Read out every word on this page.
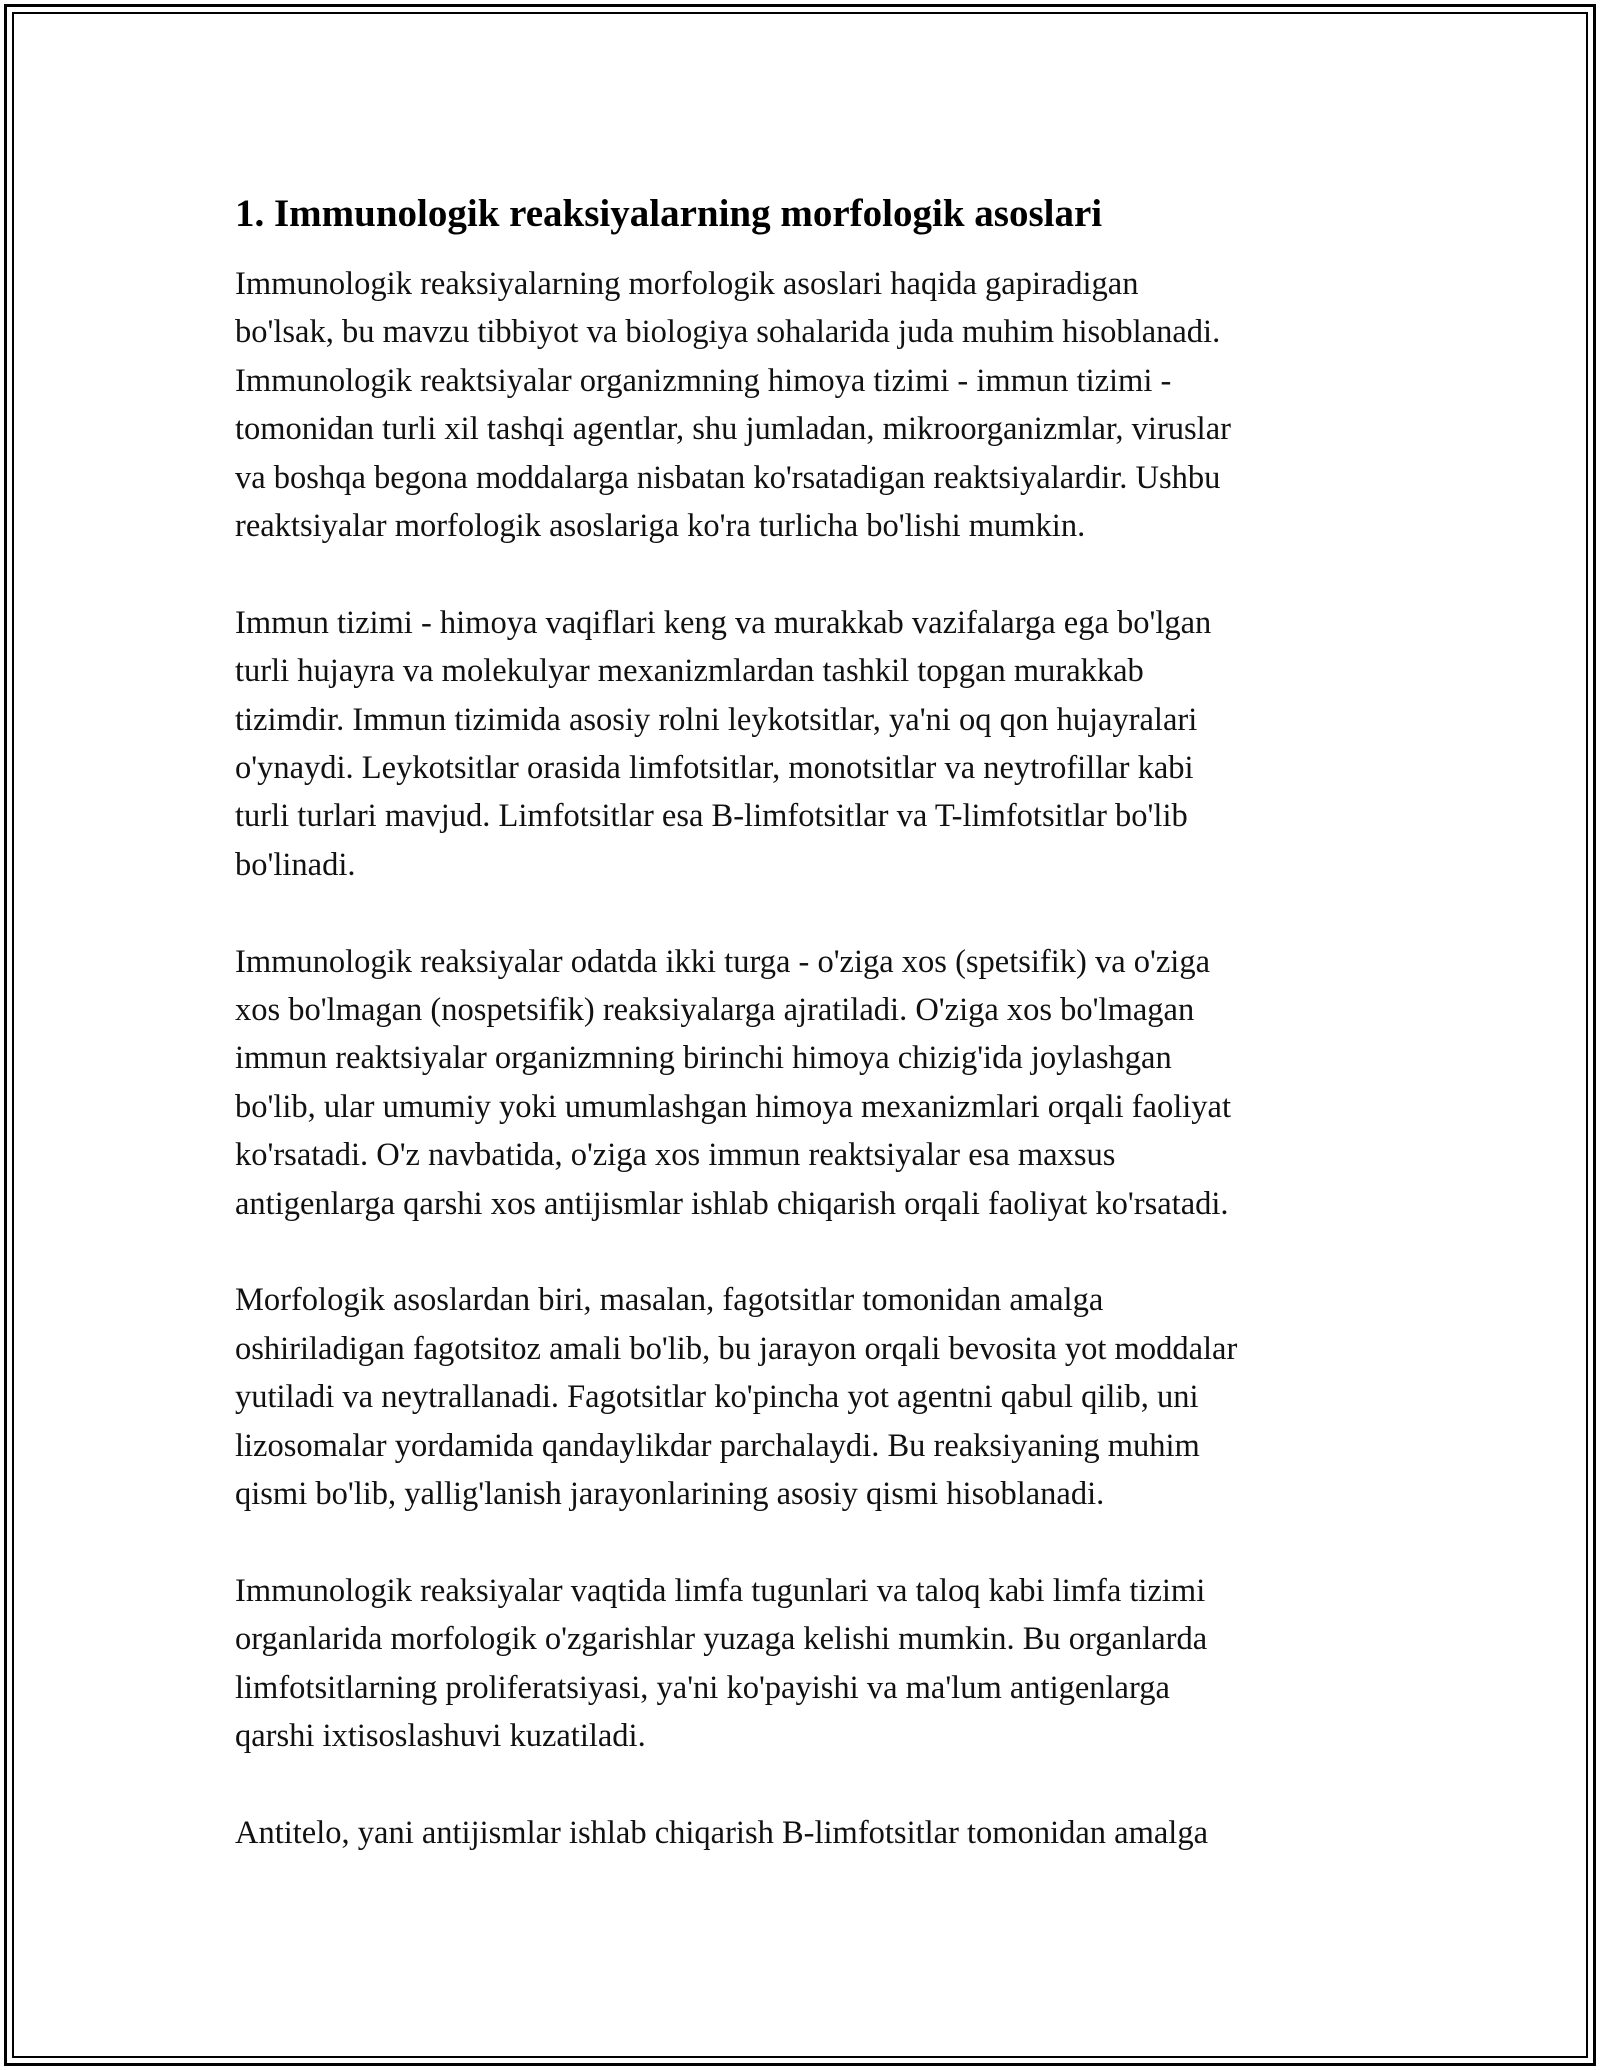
1. Immunologik reaksiyalarning morfologik asoslari
Immunologik reaksiyalarning morfologik asoslari haqida gapiradigan
bo'lsak, bu mavzu tibbiyot va biologiya sohalarida juda muhim hisoblanadi.
Immunologik reaktsiyalar organizmning himoya tizimi - immun tizimi -
tomonidan turli xil tashqi agentlar, shu jumladan, mikroorganizmlar, viruslar
va boshqa begona moddalarga nisbatan ko'rsatadigan reaktsiyalardir. Ushbu
reaktsiyalar morfologik asoslariga ko'ra turlicha bo'lishi mumkin.
Immun tizimi - himoya vaqiflari keng va murakkab vazifalarga ega bo'lgan
turli hujayra va molekulyar mexanizmlardan tashkil topgan murakkab
tizimdir. Immun tizimida asosiy rolni leykotsitlar, ya'ni oq qon hujayralari
o'ynaydi. Leykotsitlar orasida limfotsitlar, monotsitlar va neytrofillar kabi
turli turlari mavjud. Limfotsitlar esa B-limfotsitlar va T-limfotsitlar bo'lib
bo'linadi.
Immunologik reaksiyalar odatda ikki turga - o'ziga xos (spetsifik) va o'ziga
xos bo'lmagan (nospetsifik) reaksiyalarga ajratiladi. O'ziga xos bo'lmagan
immun reaktsiyalar organizmning birinchi himoya chizig'ida joylashgan
bo'lib, ular umumiy yoki umumlashgan himoya mexanizmlari orqali faoliyat
ko'rsatadi. O'z navbatida, o'ziga xos immun reaktsiyalar esa maxsus
antigenlarga qarshi xos antijismlar ishlab chiqarish orqali faoliyat ko'rsatadi.
Morfologik asoslardan biri, masalan, fagotsitlar tomonidan amalga
oshiriladigan fagotsitoz amali bo'lib, bu jarayon orqali bevosita yot moddalar
yutiladi va neytrallanadi. Fagotsitlar ko'pincha yot agentni qabul qilib, uni
lizosomalar yordamida qandaylikdar parchalaydi. Bu reaksiyaning muhim
qismi bo'lib, yallig'lanish jarayonlarining asosiy qismi hisoblanadi.
Immunologik reaksiyalar vaqtida limfa tugunlari va taloq kabi limfa tizimi
organlarida morfologik o'zgarishlar yuzaga kelishi mumkin. Bu organlarda
limfotsitlarning proliferatsiyasi, ya'ni ko'payishi va ma'lum antigenlarga
qarshi ixtisoslashuvi kuzatiladi.
Antitelo, yani antijismlar ishlab chiqarish B-limfotsitlar tomonidan amalga
